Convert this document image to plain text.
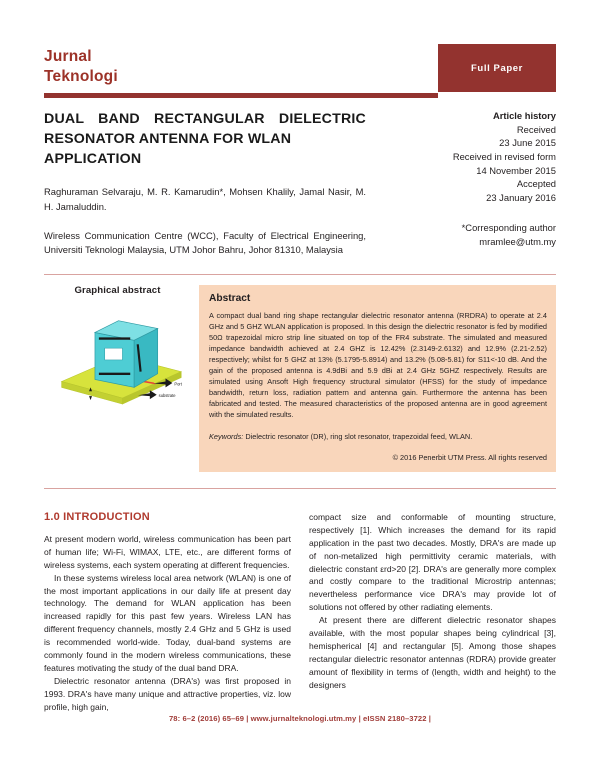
Jurnal
Teknologi	Full Paper
DUAL BAND RECTANGULAR DIELECTRIC RESONATOR ANTENNA FOR WLAN
APPLICATION
Raghuraman Selvaraju, M. R. Kamarudin*, Mohsen Khalily, Jamal Nasir, M. H. Jamaluddin.
Wireless Communication Centre (WCC), Faculty of Electrical Engineering, Universiti Teknologi Malaysia, UTM Johor Bahru, Johor 81310, Malaysia
Article history
Received
23 June 2015
Received in revised form
14 November 2015
Accepted
23 January 2016
*Corresponding author
mramlee@utm.my
Graphical abstract
Port
substrate
Abstract
A compact dual band ring shape rectangular dielectric resonator antenna (RRDRA) to operate at 2.4 GHz and 5 GHZ WLAN application is proposed. In this design the dielectric resonator is fed by modified 50Ω trapezoidal micro strip line situated on top of the FR4 substrate. The simulated and measured impedance bandwidth achieved at 2.4 GHZ is 12.42% (2.3149-2.6132) and 12.9% (2.21-2.52) respectively; whilst for 5 GHZ at 13% (5.1795-5.8914) and 13.2% (5.08-5.81) for S11<-10 dB. And the gain of the proposed antenna is 4.9dBi and 5.9 dBi at 2.4 GHz 5GHZ respectively. Results are simulated using Ansoft High frequency structural simulator (HFSS) for the study of impedance bandwidth, return loss, radiation pattern and antenna gain. Furthermore the antenna has been fabricated and tested. The measured characteristics of the proposed antenna are in good agreement with the simulated results.
Keywords: Dielectric resonator (DR), ring slot resonator, trapezoidal feed, WLAN.
© 2016 Penerbit UTM Press. All rights reserved
1.0 INTRODUCTION

At present modern world, wireless communication has been part of human life; Wi-Fi, WIMAX, LTE, etc., are different forms of wireless systems, each system operating at different frequencies.

In these systems wireless local area network (WLAN) is one of the most important applications in our daily life at present day technology. The demand for WLAN application has been increased rapidly for this past few years. Wireless LAN has different frequency channels, mostly 2.4 GHz and 5 GHz is used is recommended world-wide. Today, dual-band systems are commonly found in the modern wireless communications, these features motivating the study of the dual band DRA.

Dielectric resonator antenna (DRA's) was first proposed in 1993. DRA's have many unique and attractive properties, viz. low profile, high gain,

compact size and conformable of mounting structure, respectively [1]. Which increases the demand for its rapid application in the past two decades. Mostly, DRA's are made up of non-metalized high permittivity ceramic materials, with dielectric constant εrd>20 [2]. DRA's are generally more complex and costly compare to the traditional Microstrip antennas; nevertheless performance vice DRA's may provide lot of solutions not offered by other radiating elements.

At present there are different dielectric resonator shapes available, with the most popular shapes being cylindrical [3], hemispherical [4] and rectangular [5]. Among those shapes rectangular dielectric resonator antennas (RDRA) provide greater amount of flexibility in terms of (length, width and height) to the designers

78: 6–2 (2016) 65–69 | www.jurnalteknologi.utm.my | eISSN 2180–3722 |
